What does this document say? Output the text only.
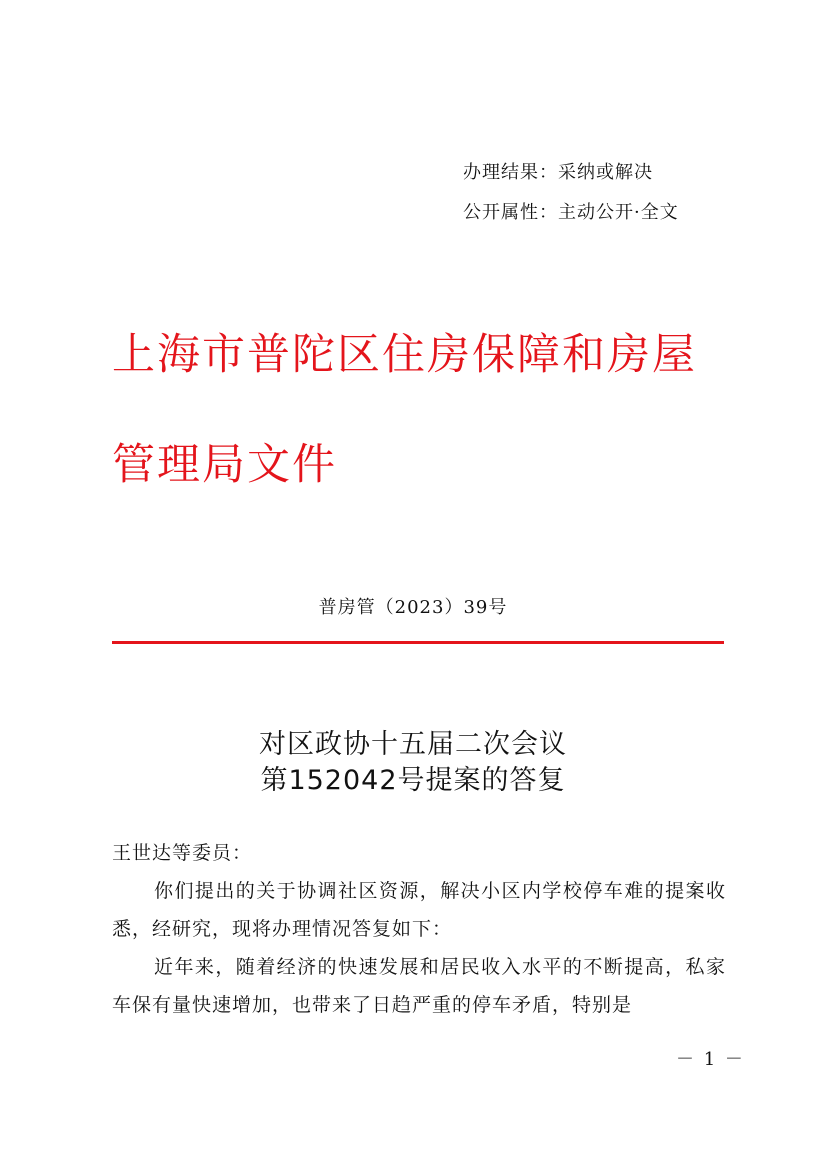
办理结果：采纳或解决
公开属性：主动公开·全文
上海市普陀区住房保障和房屋管理局文件
普房管（2023）39号
对区政协十五届二次会议
第152042号提案的答复
王世达等委员：
你们提出的关于协调社区资源，解决小区内学校停车难的提案收悉，经研究，现将办理情况答复如下：
近年来，随着经济的快速发展和居民收入水平的不断提高，私家车保有量快速增加，也带来了日趋严重的停车矛盾，特别是
－ 1 －
